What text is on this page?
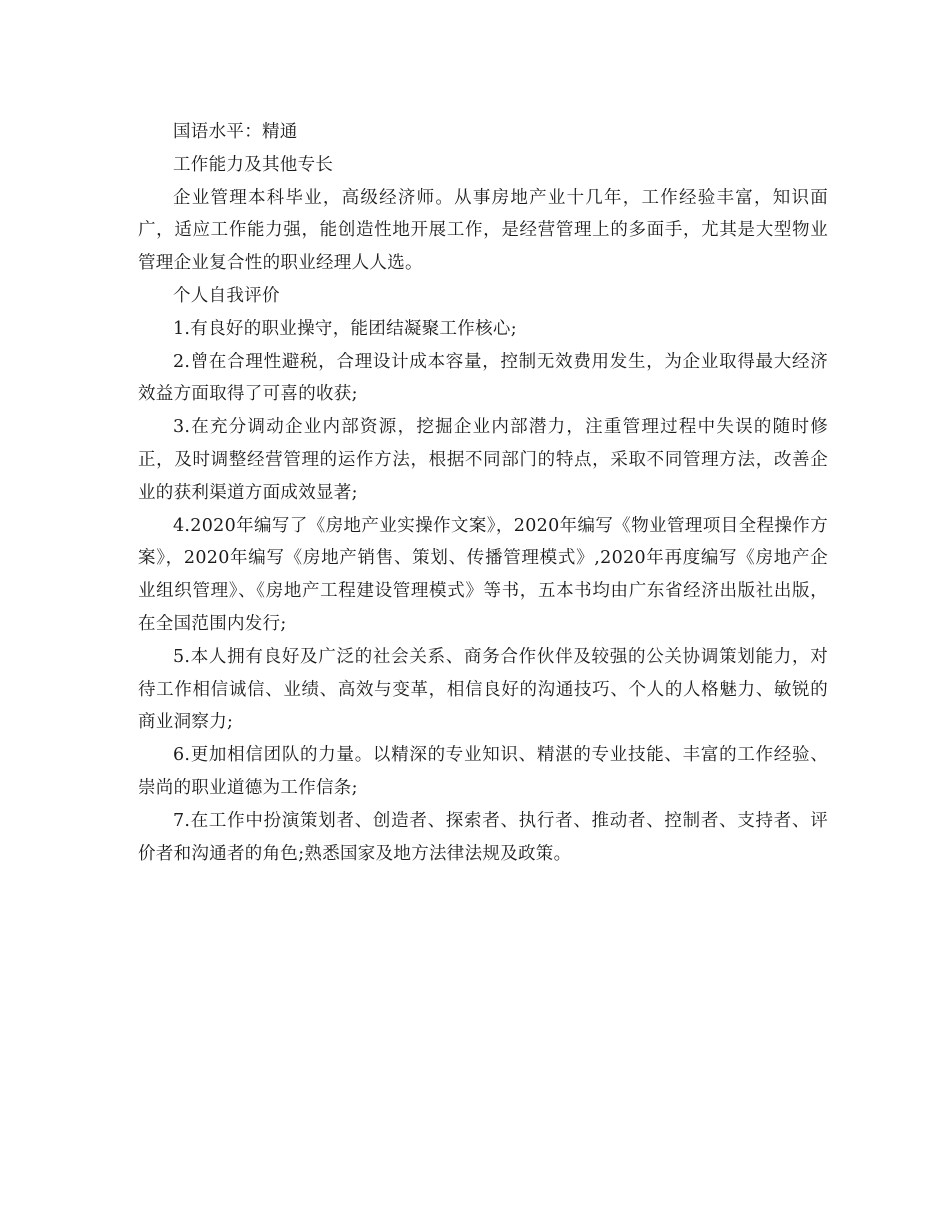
国语水平：精通

工作能力及其他专长

企业管理本科毕业，高级经济师。从事房地产业十几年，工作经验丰富，知识面广，适应工作能力强，能创造性地开展工作，是经营管理上的多面手，尤其是大型物业管理企业复合性的职业经理人人选。

个人自我评价

1.有良好的职业操守，能团结凝聚工作核心;

2.曾在合理性避税，合理设计成本容量，控制无效费用发生，为企业取得最大经济效益方面取得了可喜的收获;

3.在充分调动企业内部资源，挖掘企业内部潜力，注重管理过程中失误的随时修正，及时调整经营管理的运作方法，根据不同部门的特点，采取不同管理方法，改善企业的获利渠道方面成效显著;

4.2020年编写了《房地产业实操作文案》，2020年编写《物业管理项目全程操作方案》，2020年编写《房地产销售、策划、传播管理模式》,2020年再度编写《房地产企业组织管理》、《房地产工程建设管理模式》等书，五本书均由广东省经济出版社出版，在全国范围内发行;

5.本人拥有良好及广泛的社会关系、商务合作伙伴及较强的公关协调策划能力，对待工作相信诚信、业绩、高效与变革，相信良好的沟通技巧、个人的人格魅力、敏锐的商业洞察力;

6.更加相信团队的力量。以精深的专业知识、精湛的专业技能、丰富的工作经验、崇尚的职业道德为工作信条;

7.在工作中扮演策划者、创造者、探索者、执行者、推动者、控制者、支持者、评价者和沟通者的角色;熟悉国家及地方法律法规及政策。
